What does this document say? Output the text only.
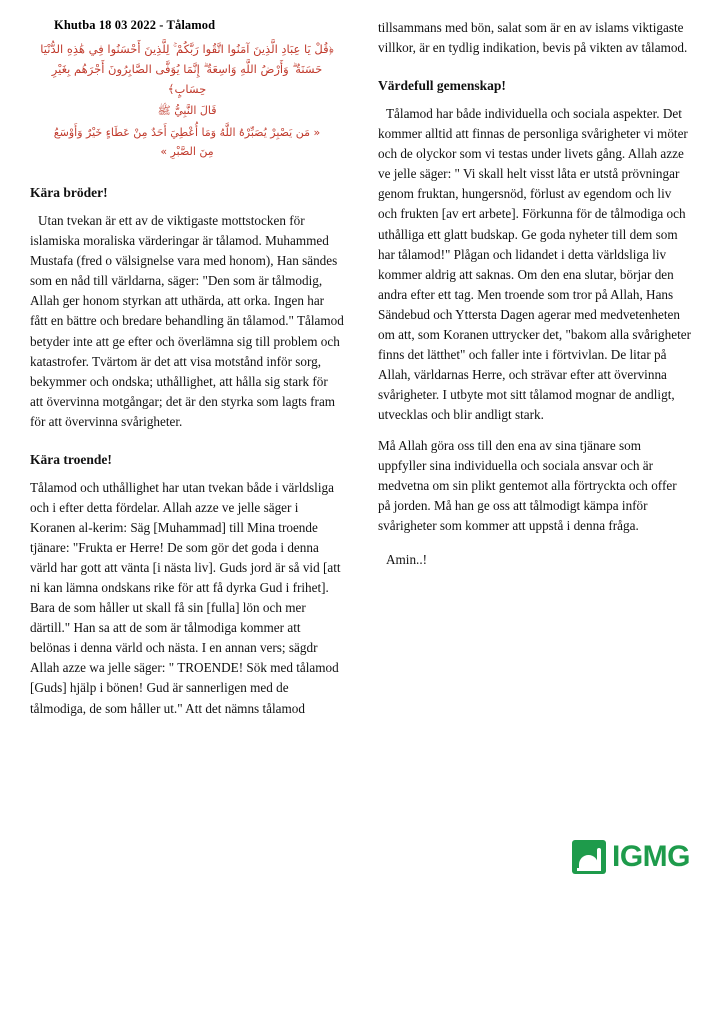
Khutba 18 03 2022 - Tålamod
﴿قُلْ يَا عِبَادِ الَّذِينَ آمَنُوا اتَّقُوا رَبَّكُمْ ۚ لِلَّذِينَ أَحْسَنُوا فِي هَٰذِهِ الدُّنْيَا
حَسَنَةٌ ۗ وَأَرْضُ اللَّهِ وَاسِعَةٌ ۗ إِنَّمَا يُوَفَّى الصَّابِرُونَ أَجْرَهُم بِغَيْرِ
حِسَابٍ﴾
قَالَ النَّبِيُّ ﷺ
« مَن يَصْبِرْ يُصَبِّرْهُ اللَّهُ وَمَا أُعْطِيَ أَحَدٌ مِنْ عَطَاءٍ خَيْرٌ وَأَوْسَعُ
مِنَ الصَّبْرِ »
Kära bröder!

Utan tvekan är ett av de viktigaste mottstocken för islamiska moraliska värderingar är tålamod. Muhammed Mustafa (fred o välsignelse vara med honom), Han sändes som en nåd till världarna, säger: "Den som är tålmodig, Allah ger honom styrkan att uthärda, att orka. Ingen har fått en bättre och bredare behandling än tålamod." Tålamod betyder inte att ge efter och överlämna sig till problem och katastrofer. Tvärtom är det att visa motstånd inför sorg, bekymmer och ondska; uthållighet, att hålla sig stark för att övervinna motgångar; det är den styrka som lagts fram för att övervinna svårigheter.

Kära troende!

Tålamod och uthållighet har utan tvekan både i världsliga och i efter detta fördelar. Allah azze ve jelle säger i Koranen al-kerim: Säg [Muhammad] till Mina troende tjänare: "Frukta er Herre! De som gör det goda i denna värld har gott att vänta [i nästa liv]. Guds jord är så vid [att ni kan lämna ondskans rike för att få dyrka Gud i frihet]. Bara de som håller ut skall få sin [fulla] lön och mer därtill." Han sa att de som är tålmodiga kommer att belönas i denna värld och nästa. I en annan vers; sägdr Allah azze wa jelle säger: " TROENDE! Sök med tålamod [Guds] hjälp i bönen! Gud är sannerligen med de tålmodiga, de som håller ut." Att det nämns tålamod

tillsammans med bön, salat som är en av islams viktigaste villkor, är en tydlig indikation, bevis på vikten av tålamod.

Värdefull gemenskap!

Tålamod har både individuella och sociala aspekter. Det kommer alltid att finnas de personliga svårigheter vi möter och de olyckor som vi testas under livets gång. Allah azze ve jelle säger: " Vi skall helt visst låta er utstå prövningar genom fruktan, hungersnöd, förlust av egendom och liv och frukten [av ert arbete]. Förkunna för de tålmodiga och uthålliga ett glatt budskap. Ge goda nyheter till dem som har tålamod!" Plågan och lidandet i detta världsliga liv kommer aldrig att saknas. Om den ena slutar, börjar den andra efter ett tag. Men troende som tror på Allah, Hans Sändebud och Yttersta Dagen agerar med medvetenheten om att, som Koranen uttrycker det, "bakom alla svårigheter finns det lätthet" och faller inte i förtvivlan. De litar på Allah, världarnas Herre, och strävar efter att övervinna svårigheter. I utbyte mot sitt tålamod mognar de andligt, utvecklas och blir andligt stark.

Må Allah göra oss till den ena av sina tjänare som uppfyller sina individuella och sociala ansvar och är medvetna om sin plikt gentemot alla förtryckta och offer på jorden. Må han ge oss att tålmodigt kämpa inför svårigheter som kommer att uppstå i denna fråga.

Amin..!

IGMG
